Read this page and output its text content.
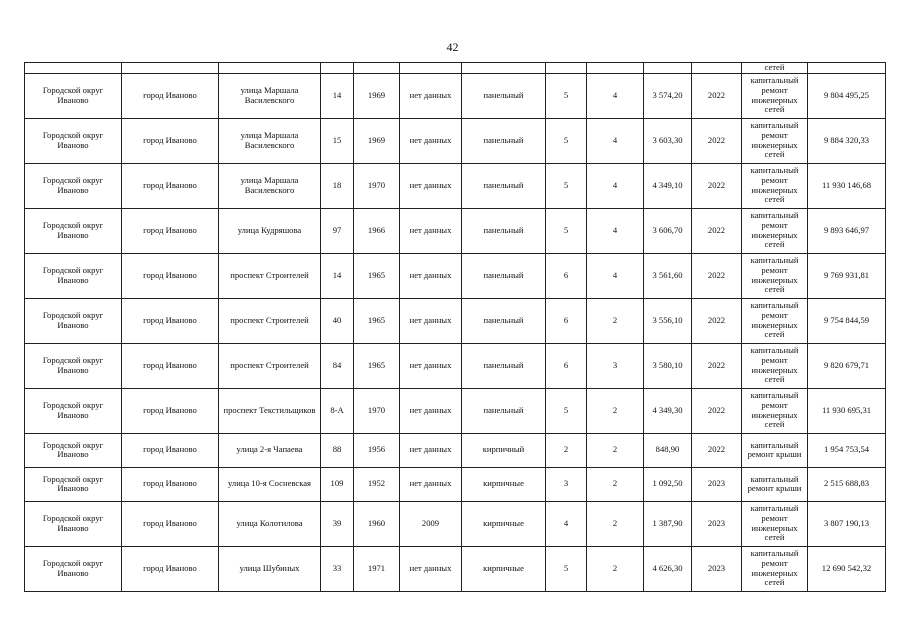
42
											сетей	
Городской округ Иваново	город Иваново	улица Маршала Василевского	14	1969	нет данных	панельный	5	4	3 574,20	2022	капитальный ремонт инженерных сетей	9 804 495,25
Городской округ Иваново	город Иваново	улица Маршала Василевского	15	1969	нет данных	панельный	5	4	3 603,30	2022	капитальный ремонт инженерных сетей	9 884 320,33
Городской округ Иваново	город Иваново	улица Маршала Василевского	18	1970	нет данных	панельный	5	4	4 349,10	2022	капитальный ремонт инженерных сетей	11 930 146,68
Городской округ Иваново	город Иваново	улица Кудряшова	97	1966	нет данных	панельный	5	4	3 606,70	2022	капитальный ремонт инженерных сетей	9 893 646,97
Городской округ Иваново	город Иваново	проспект Строителей	14	1965	нет данных	панельный	6	4	3 561,60	2022	капитальный ремонт инженерных сетей	9 769 931,81
Городской округ Иваново	город Иваново	проспект Строителей	40	1965	нет данных	панельный	6	2	3 556,10	2022	капитальный ремонт инженерных сетей	9 754 844,59
Городской округ Иваново	город Иваново	проспект Строителей	84	1965	нет данных	панельный	6	3	3 580,10	2022	капитальный ремонт инженерных сетей	9 820 679,71
Городской округ Иваново	город Иваново	проспект Текстильщиков	8-А	1970	нет данных	панельный	5	2	4 349,30	2022	капитальный ремонт инженерных сетей	11 930 695,31
Городской округ Иваново	город Иваново	улица 2-я Чапаева	88	1956	нет данных	кирпичный	2	2	848,90	2022	капитальный ремонт крыши	1 954 753,54
Городской округ Иваново	город Иваново	улица 10-я Сосневская	109	1952	нет данных	кирпичные	3	2	1 092,50	2023	капитальный ремонт крыши	2 515 688,83
Городской округ Иваново	город Иваново	улица Колотилова	39	1960	2009	кирпичные	4	2	1 387,90	2023	капитальный ремонт инженерных сетей	3 807 190,13
Городской округ Иваново	город Иваново	улица Шубиных	33	1971	нет данных	кирпичные	5	2	4 626,30	2023	капитальный ремонт инженерных сетей	12 690 542,32
